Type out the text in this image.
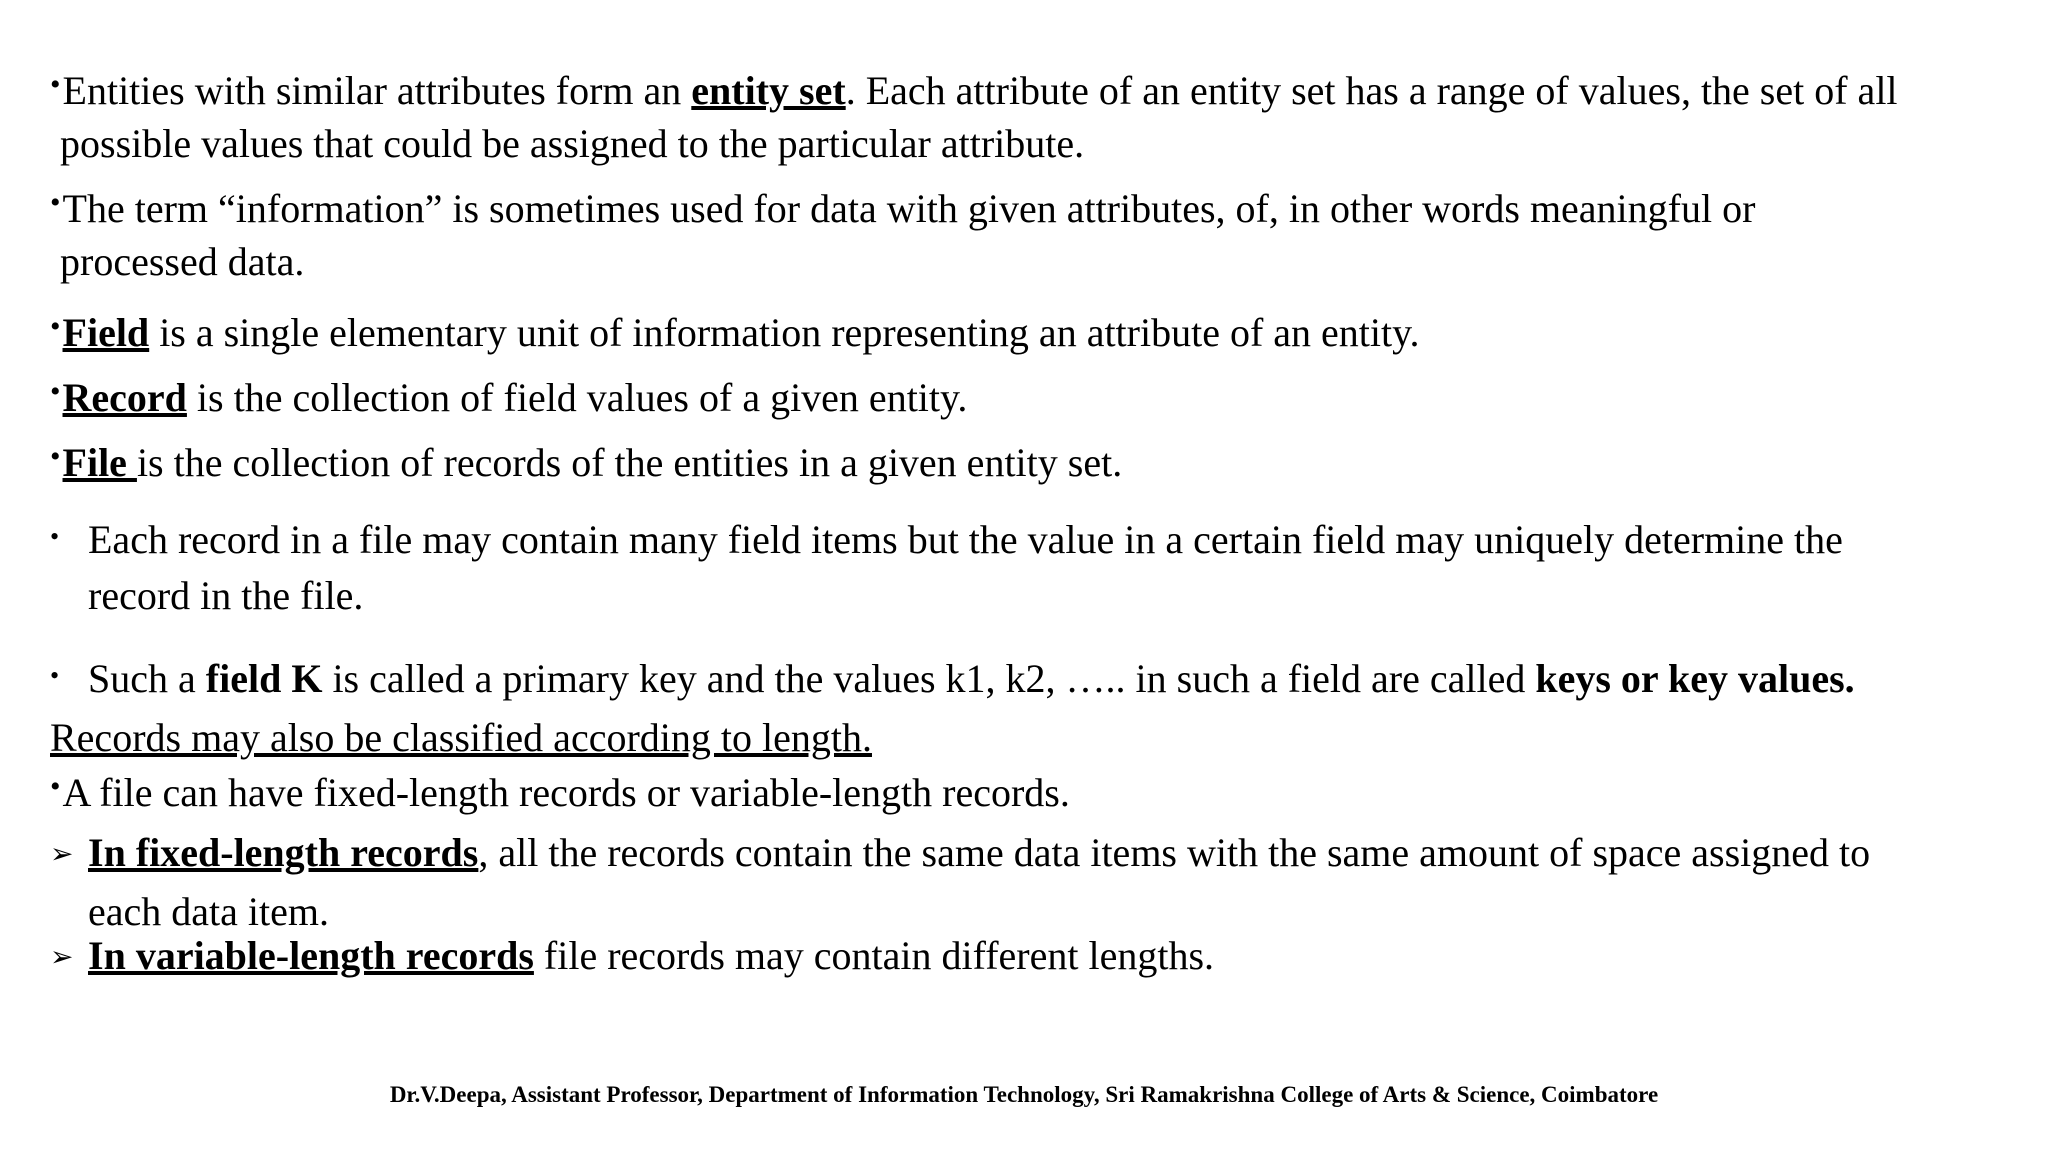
•Entities with similar attributes form an entity set. Each attribute of an entity set has a range of values, the set of all

possible values that could be assigned to the particular attribute.

•The term “information” is sometimes used for data with given attributes, of, in other words meaningful or

processed data.

•Field is a single elementary unit of information representing an attribute of an entity.

•Record is the collection of field values of a given entity.

•File is the collection of records of the entities in a given entity set.

• Each record in a file may contain many field items but the value in a certain field may uniquely determine the

record in the file.

• Such a field K is called a primary key and the values k1, k2, ….. in such a field are called keys or key values.

Records may also be classified according to length.

•A file can have fixed-length records or variable-length records.

➢ In fixed-length records, all the records contain the same data items with the same amount of space assigned to

each data item.

➢ In variable-length records file records may contain different lengths.

Dr.V.Deepa, Assistant Professor, Department of Information Technology, Sri Ramakrishna College of Arts & Science, Coimbatore
